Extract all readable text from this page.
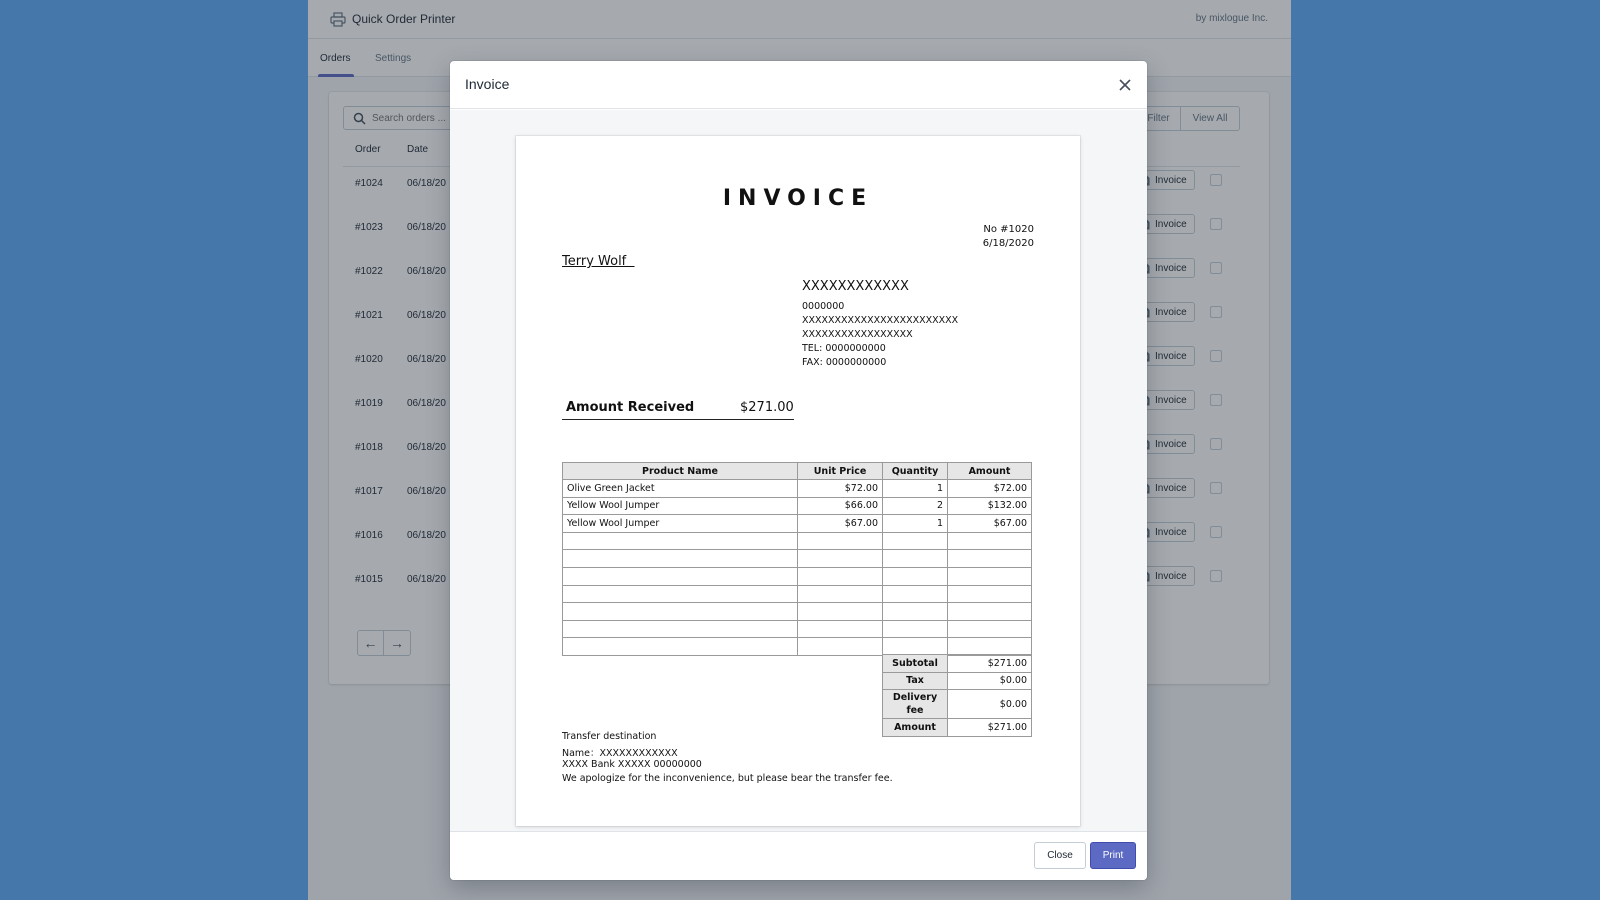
Quick Order Printer	by mixlogue Inc.
Orders Settings
Search orders ...
Filter	View All
Order	Date
#1024 06/18/20	Invoice
#1023 06/18/20	Invoice
#1022 06/18/20	Invoice
#1021 06/18/20	Invoice
#1020 06/18/20	Invoice
#1019 06/18/20	Invoice
#1018 06/18/20	Invoice
#1017 06/18/20	Invoice
#1016 06/18/20	Invoice
#1015 06/18/20	Invoice
← →
Invoice
INVOICE
No #1020
6/18/2020
Terry Wolf
XXXXXXXXXXXX
0000000
XXXXXXXXXXXXXXXXXXXXXXXX
XXXXXXXXXXXXXXXXX
TEL: 0000000000
FAX: 0000000000
Amount Received	$271.00
Product Name	Unit Price	Quantity	Amount
Olive Green Jacket	$72.00	1	$72.00
Yellow Wool Jumper	$66.00	2	$132.00
Yellow Wool Jumper	$67.00	1	$67.00

Subtotal	$271.00
Tax	$0.00
Delivery fee	$0.00
Amount	$271.00
Transfer destination
Name：XXXXXXXXXXXX
XXXX Bank XXXXX 00000000
We apologize for the inconvenience, but please bear the transfer fee.
Close	Print
